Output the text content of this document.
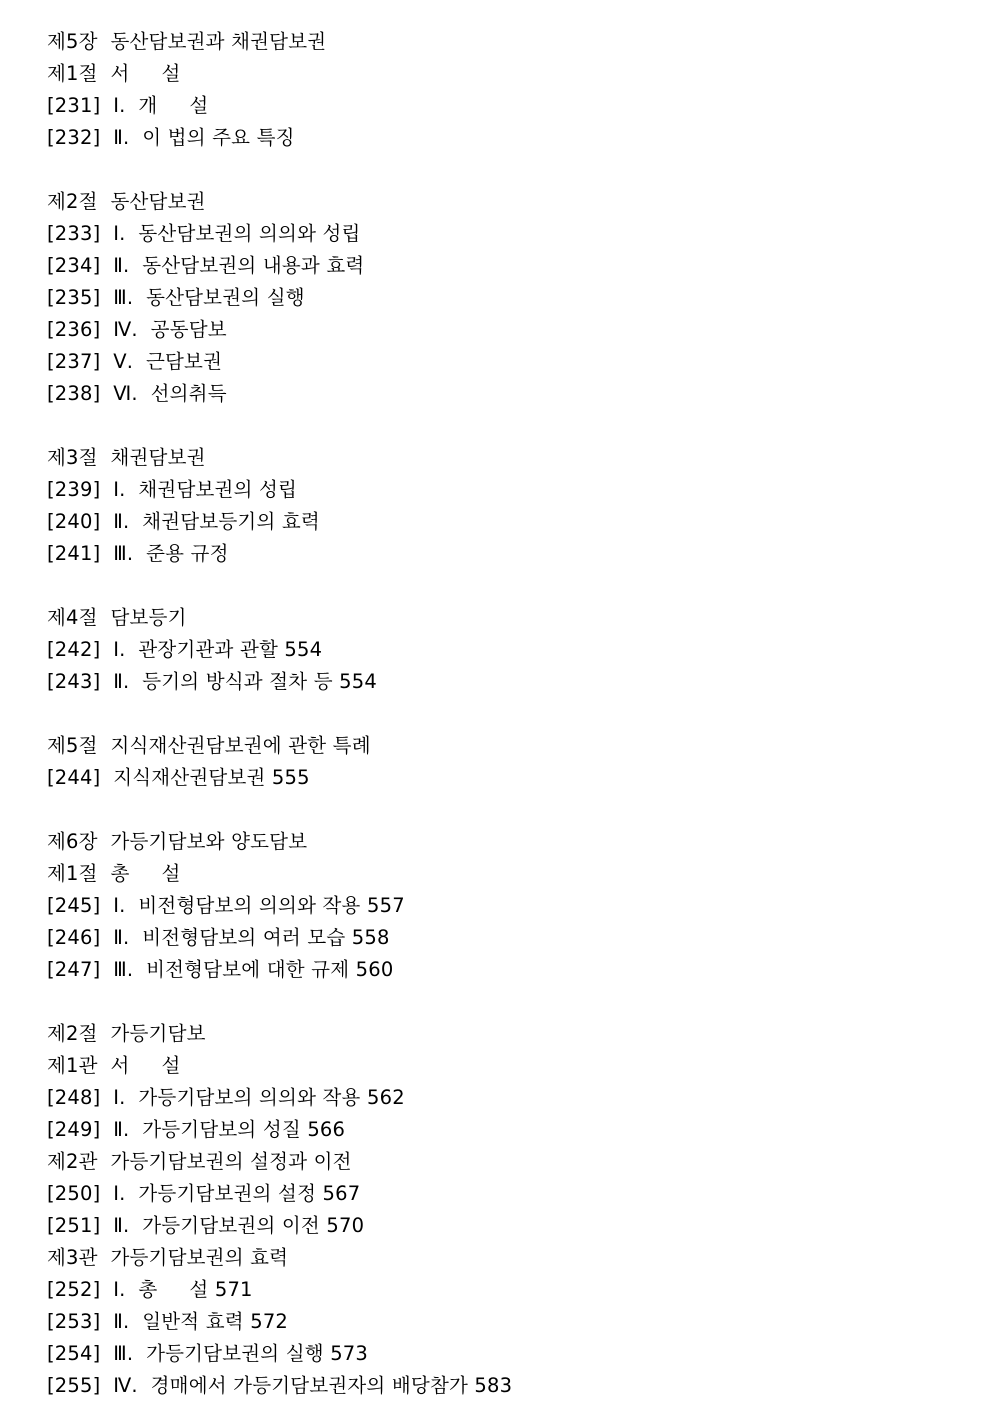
제5장  동산담보권과 채권담보권
제1절  서     설
[231]  Ⅰ.  개     설
[232]  Ⅱ.  이 법의 주요 특징
제2절  동산담보권
[233]  Ⅰ.  동산담보권의 의의와 성립
[234]  Ⅱ.  동산담보권의 내용과 효력
[235]  Ⅲ.  동산담보권의 실행
[236]  Ⅳ.  공동담보
[237]  Ⅴ.  근담보권
[238]  Ⅵ.  선의취득
제3절  채권담보권
[239]  Ⅰ.  채권담보권의 성립
[240]  Ⅱ.  채권담보등기의 효력
[241]  Ⅲ.  준용 규정
제4절  담보등기
[242]  Ⅰ.  관장기관과 관할 554
[243]  Ⅱ.  등기의 방식과 절차 등 554
제5절  지식재산권담보권에 관한 특례
[244]  지식재산권담보권 555
제6장  가등기담보와 양도담보
제1절  총     설
[245]  Ⅰ.  비전형담보의 의의와 작용 557
[246]  Ⅱ.  비전형담보의 여러 모습 558
[247]  Ⅲ.  비전형담보에 대한 규제 560
제2절  가등기담보
제1관  서     설
[248]  Ⅰ.  가등기담보의 의의와 작용 562
[249]  Ⅱ.  가등기담보의 성질 566
제2관  가등기담보권의 설정과 이전
[250]  Ⅰ.  가등기담보권의 설정 567
[251]  Ⅱ.  가등기담보권의 이전 570
제3관  가등기담보권의 효력
[252]  Ⅰ.  총     설 571
[253]  Ⅱ.  일반적 효력 572
[254]  Ⅲ.  가등기담보권의 실행 573
[255]  Ⅳ.  경매에서 가등기담보권자의 배당참가 583
